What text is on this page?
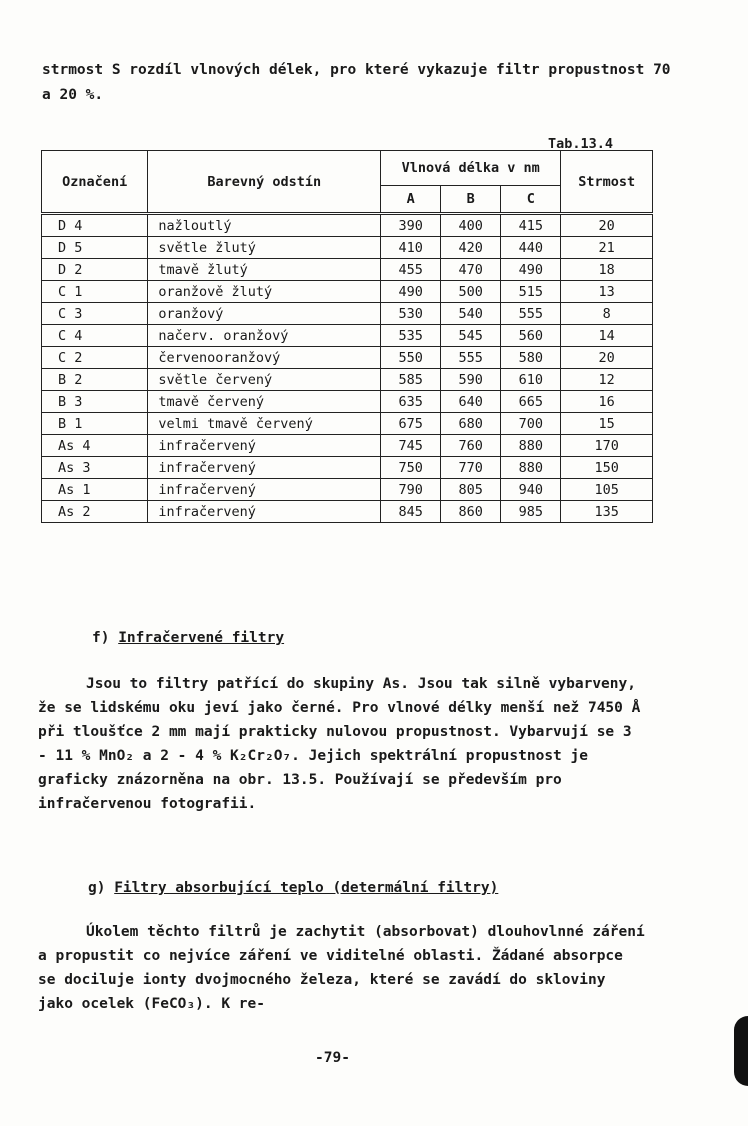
strmost S rozdíl vlnových délek, pro které vykazuje filtr propustnost 70 a 20 %.
Tab.13.4
Označení	Barevný odstín	Vlnová délka v nm			Strmost
		A	B	C	
D 4	nažloutlý	390	400	415	20
D 5	světle žlutý	410	420	440	21
D 2	tmavě žlutý	455	470	490	18
C 1	oranžově žlutý	490	500	515	13
C 3	oranžový	530	540	555	8
C 4	načerv. oranžový	535	545	560	14
C 2	červenooranžový	550	555	580	20
B 2	světle červený	585	590	610	12
B 3	tmavě červený	635	640	665	16
B 1	velmi tmavě červený	675	680	700	15
As 4	infračervený	745	760	880	170
As 3	infračervený	750	770	880	150
As 1	infračervený	790	805	940	105
As 2	infračervený	845	860	985	135
f) Infračervené filtry
Jsou to filtry patřící do skupiny As. Jsou tak silně vybarveny, že se lidskému oku jeví jako černé. Pro vlnové délky menší než 7450 Å při tloušťce 2 mm mají prakticky nulovou propustnost. Vybarvují se 3 - 11 % MnO₂ a 2 - 4 % K₂Cr₂O₇. Jejich spektrální propustnost je graficky znázorněna na obr. 13.5. Používají se především pro infračervenou fotografii.
g) Filtry absorbující teplo (determální filtry)
Úkolem těchto filtrů je zachytit (absorbovat) dlouhovlnné záření a propustit co nejvíce záření ve viditelné oblasti. Žádané absorpce se dociluje ionty dvojmocného železa, které se zavádí do skloviny jako ocelek (FeCO₃). K re-
-79-
